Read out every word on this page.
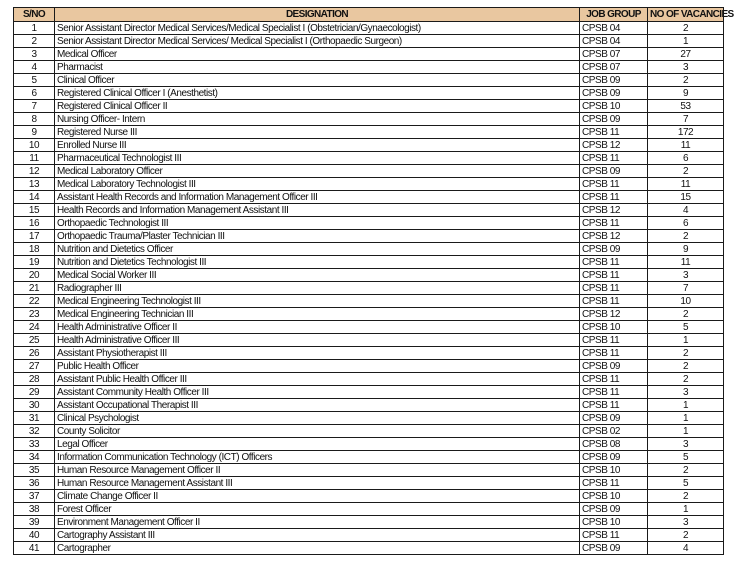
S/NO	DESIGNATION	JOB GROUP	NO OF VACANCIES
1	Senior Assistant Director Medical Services/Medical Specialist I (Obstetrician/Gynaecologist)	CPSB 04	2
2	Senior Assistant Director Medical Services/ Medical Specialist I (Orthopaedic Surgeon)	CPSB 04	1
3	Medical Officer	CPSB 07	27
4	Pharmacist	CPSB 07	3
5	Clinical Officer	CPSB 09	2
6	Registered Clinical Officer I (Anesthetist)	CPSB 09	9
7	Registered Clinical Officer II	CPSB 10	53
8	Nursing Officer- Intern	CPSB 09	7
9	Registered Nurse III	CPSB 11	172
10	Enrolled Nurse III	CPSB 12	11
11	Pharmaceutical Technologist III	CPSB 11	6
12	Medical Laboratory Officer	CPSB 09	2
13	Medical Laboratory Technologist III	CPSB 11	11
14	Assistant Health Records and Information Management Officer III	CPSB 11	15
15	Health Records and Information Management Assistant III	CPSB 12	4
16	Orthopaedic Technologist III	CPSB 11	6
17	Orthopaedic Trauma/Plaster Technician III	CPSB 12	2
18	Nutrition and Dietetics Officer	CPSB 09	9
19	Nutrition and Dietetics Technologist III	CPSB 11	11
20	Medical Social Worker III	CPSB 11	3
21	Radiographer III	CPSB 11	7
22	Medical Engineering Technologist III	CPSB 11	10
23	Medical Engineering Technician III	CPSB 12	2
24	Health Administrative Officer II	CPSB 10	5
25	Health Administrative Officer III	CPSB 11	1
26	Assistant Physiotherapist III	CPSB 11	2
27	Public Health Officer	CPSB 09	2
28	Assistant Public Health Officer III	CPSB 11	2
29	Assistant Community Health Officer III	CPSB 11	3
30	Assistant Occupational Therapist III	CPSB 11	1
31	Clinical Psychologist	CPSB 09	1
32	County Solicitor	CPSB 02	1
33	Legal Officer	CPSB 08	3
34	Information Communication Technology (ICT) Officers	CPSB 09	5
35	Human Resource Management Officer II	CPSB 10	2
36	Human Resource Management Assistant III	CPSB 11	5
37	Climate Change Officer II	CPSB 10	2
38	Forest Officer	CPSB 09	1
39	Environment Management Officer II	CPSB 10	3
40	Cartography Assistant III	CPSB 11	2
41	Cartographer	CPSB 09	4
